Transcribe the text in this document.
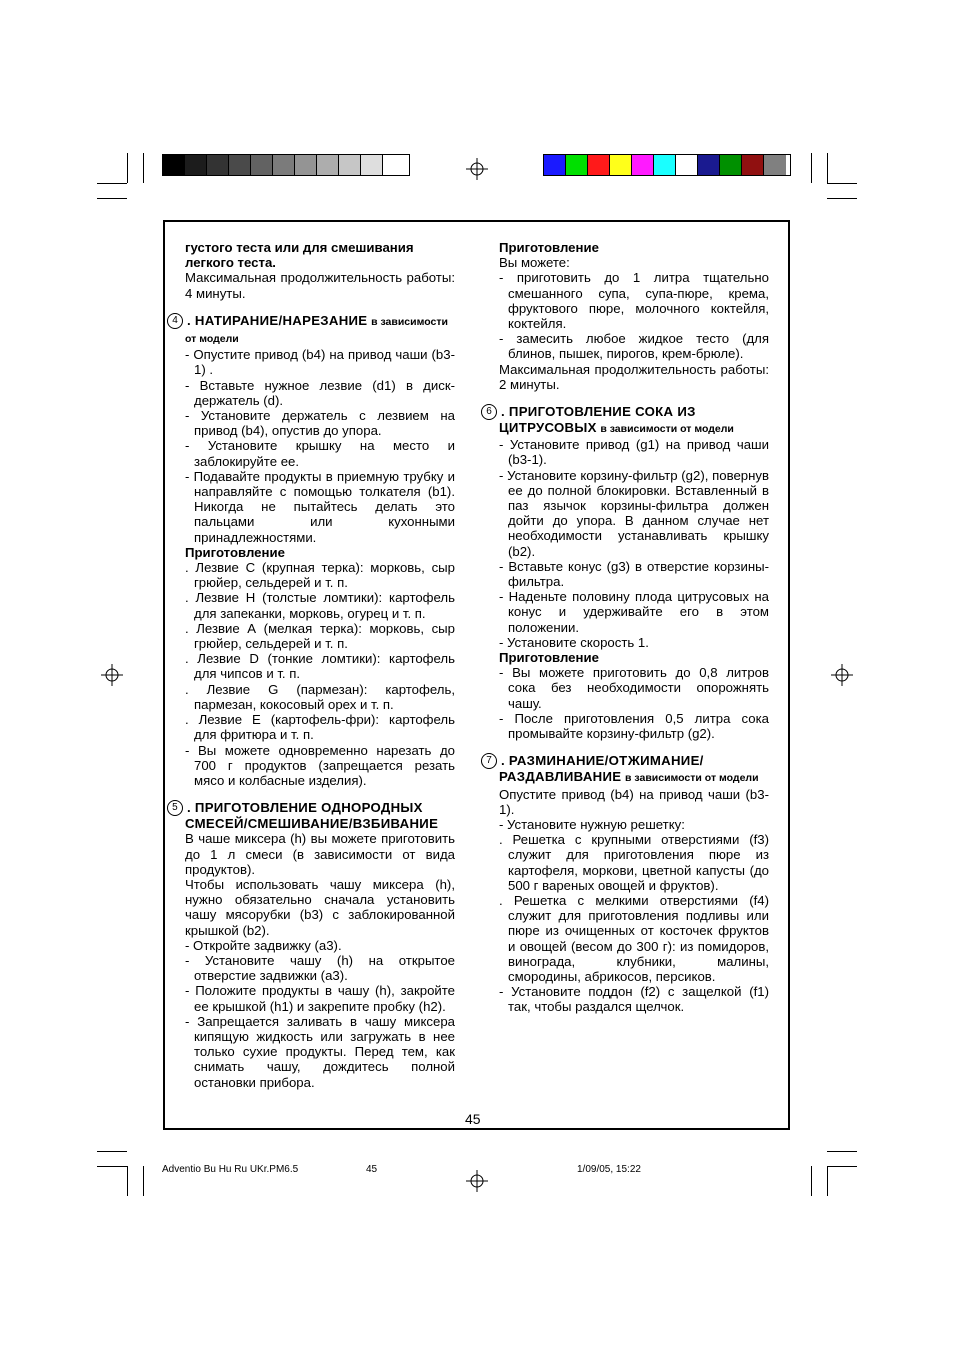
густого теста или для смешивания легкого теста.

Максимальная продолжительность работы: 4 минуты.

4 . НАТИРАНИЕ/НАРЕЗАНИЕ в зависимости от модели

- Опустите привод (b4) на привод чаши (b3-1) .

- Вставьте нужное лезвие (d1) в диск-держатель (d).

- Установите держатель с лезвием на привод (b4), опустив до упора.

- Установите крышку на место и заблокируйте ее.

- Подавайте продукты в приемную трубку и направляйте с помощью толкателя (b1). Никогда не пытайтесь делать это пальцами или кухонными принадлежностями.

Приготовление

. Лезвие С (крупная терка): морковь, сыр грюйер, сельдерей и т. п.

. Лезвие Н (толстые ломтики): картофель для запеканки, морковь, огурец и т. п.

. Лезвие А (мелкая терка): морковь, сыр грюйер, сельдерей и т. п.

. Лезвие D (тонкие ломтики): картофель для чипсов и т. п.

. Лезвие G (пармезан): картофель, пармезан, кокосовый орех и т. п.

. Лезвие Е (картофель-фри): картофель для фритюра и т. п.

- Вы можете одновременно нарезать до 700 г продуктов (запрещается резать мясо и колбасные изделия).

5 . ПРИГОТОВЛЕНИЕ ОДНОРОДНЫХ СМЕСЕЙ/СМЕШИВАНИЕ/ВЗБИВАНИЕ

В чаше миксера (h) вы можете приготовить до 1 л смеси (в зависимости от вида продуктов).

Чтобы использовать чашу миксера (h), нужно обязательно сначала установить чашу мясорубки (b3) с заблокированной крышкой (b2).

- Откройте задвижку (a3).

- Установите чашу (h) на открытое отверстие задвижки (a3).

- Положите продукты в чашу (h), закройте ее крышкой (h1) и закрепите пробку (h2).

- Запрещается заливать в чашу миксера кипящую жидкость или загружать в нее только сухие продукты. Перед тем, как снимать чашу, дождитесь полной остановки прибора.

Приготовление

Вы можете:

- приготовить до 1 литра тщательно смешанного супа, супа-пюре, крема, фруктового пюре, молочного коктейля, коктейля.

- замесить любое жидкое тесто (для блинов, пышек, пирогов, крем-брюле).

Максимальная продолжительность работы: 2 минуты.

6 . ПРИГОТОВЛЕНИЕ СОКА ИЗ ЦИТРУСОВЫХ в зависимости от модели

- Установите привод (g1) на привод чаши (b3-1).

- Установите корзину-фильтр (g2), повернув ее до полной блокировки. Вставленный в паз язычок корзины-фильтра должен дойти до упора. В данном случае нет необходимости устанавливать крышку (b2).

- Вставьте конус (g3) в отверстие корзины-фильтра.

- Наденьте половину плода цитрусовых на конус и удерживайте его в этом положении.

- Установите скорость 1.

Приготовление

- Вы можете приготовить до 0,8 литров сока без необходимости опорожнять чашу.

- После приготовления 0,5 литра сока промывайте корзину-фильтр (g2).

7 . РАЗМИНАНИЕ/ОТЖИМАНИЕ/ РАЗДАВЛИВАНИЕ в зависимости от модели

Опустите привод (b4) на привод чаши (b3-1).

- Установите нужную решетку:

. Решетка с крупными отверстиями (f3) служит для приготовления пюре из картофеля, моркови, цветной капусты (до 500 г вареных овощей и фруктов).

. Решетка с мелкими отверстиями (f4) служит для приготовления подливы или пюре из очищенных от косточек фруктов и овощей (весом до 300 г): из помидоров, винограда, клубники, малины, смородины, абрикосов, персиков.

- Установите поддон (f2) с защелкой (f1) так, чтобы раздался щелчок.

45
Adventio Bu Hu Ru UKr.PM6.5	45	1/09/05, 15:22
